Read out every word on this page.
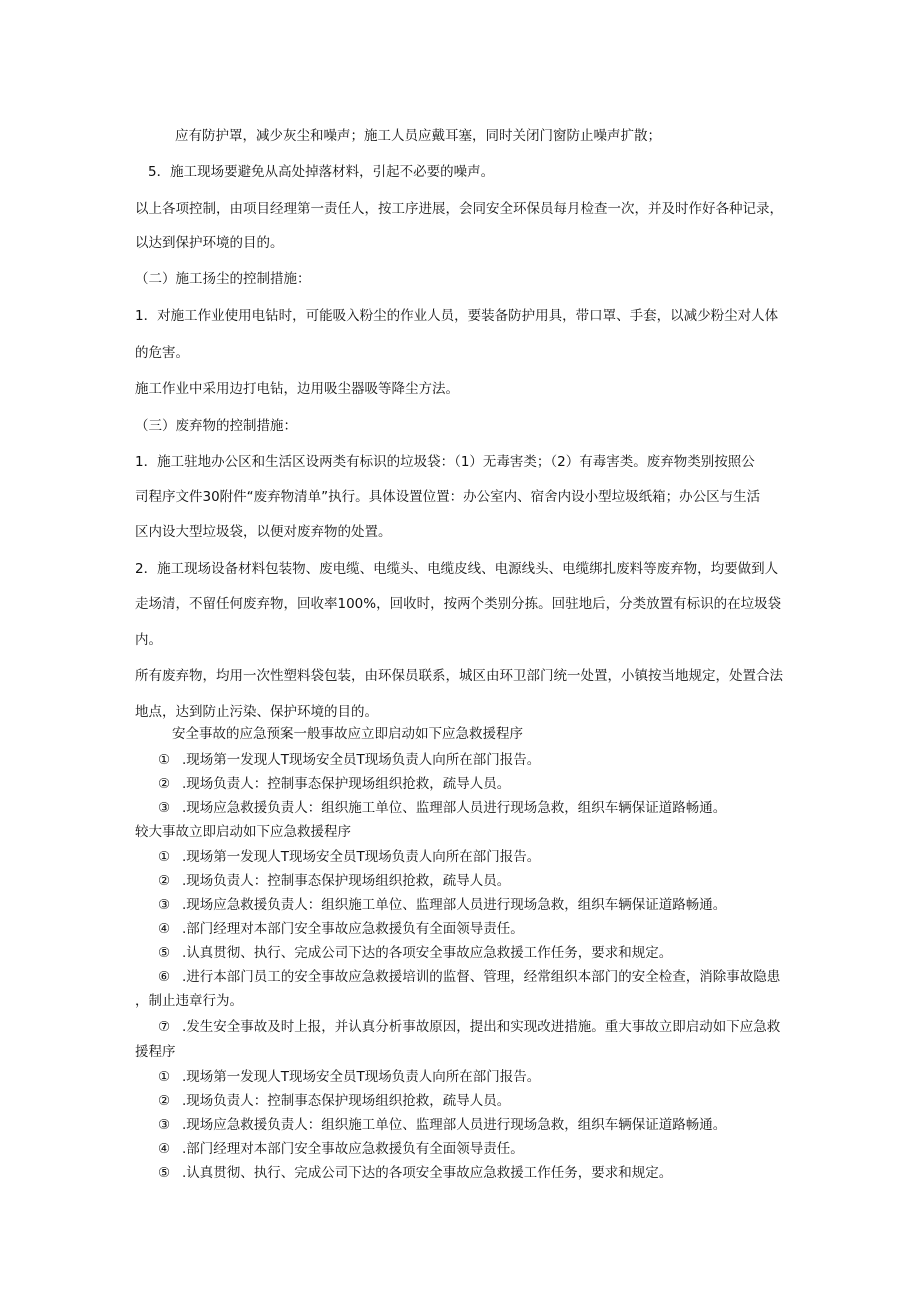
应有防护罩，减少灰尘和噪声；施工人员应戴耳塞，同时关闭门窗防止噪声扩散；
5．施工现场要避免从高处掉落材料，引起不必要的噪声。
以上各项控制，由项目经理第一责任人，按工序进展，会同安全环保员每月检查一次，并及时作好各种记录，
以达到保护环境的目的。
（二）施工扬尘的控制措施：
1．对施工作业使用电钻时，可能吸入粉尘的作业人员，要装备防护用具，带口罩、手套，以减少粉尘对人体
的危害。
施工作业中采用边打电钻，边用吸尘器吸等降尘方法。
（三）废弃物的控制措施：
1．施工驻地办公区和生活区设两类有标识的垃圾袋：（1）无毒害类；（2）有毒害类。废弃物类别按照公
司程序文件30附件“废弃物清单”执行。具体设置位置：办公室内、宿舍内设小型垃圾纸箱；办公区与生活
区内设大型垃圾袋，以便对废弃物的处置。
2．施工现场设备材料包装物、废电缆、电缆头、电缆皮线、电源线头、电缆绑扎废料等废弃物，均要做到人
走场清，不留任何废弃物，回收率100%，回收时，按两个类别分拣。回驻地后，分类放置有标识的在垃圾袋
内。
所有废弃物，均用一次性塑料袋包装，由环保员联系，城区由环卫部门统一处置，小镇按当地规定，处置合法
地点，达到防止污染、保护环境的目的。
安全事故的应急预案一般事故应立即启动如下应急救援程序
① .现场第一发现人T现场安全员T现场负责人向所在部门报告。
② .现场负责人：控制事态保护现场组织抢救，疏导人员。
③ .现场应急救援负责人：组织施工单位、监理部人员进行现场急救，组织车辆保证道路畅通。
较大事故立即启动如下应急救援程序
① .现场第一发现人T现场安全员T现场负责人向所在部门报告。
② .现场负责人：控制事态保护现场组织抢救，疏导人员。
③ .现场应急救援负责人：组织施工单位、监理部人员进行现场急救，组织车辆保证道路畅通。
④ .部门经理对本部门安全事故应急救援负有全面领导责任。
⑤ .认真贯彻、执行、完成公司下达的各项安全事故应急救援工作任务，要求和规定。
⑥ .进行本部门员工的安全事故应急救援培训的监督、管理，经常组织本部门的安全检查，消除事故隐患
，制止违章行为。
⑦ .发生安全事故及时上报，并认真分析事故原因，提出和实现改进措施。重大事故立即启动如下应急救
援程序
① .现场第一发现人T现场安全员T现场负责人向所在部门报告。
② .现场负责人：控制事态保护现场组织抢救，疏导人员。
③ .现场应急救援负责人：组织施工单位、监理部人员进行现场急救，组织车辆保证道路畅通。
④ .部门经理对本部门安全事故应急救援负有全面领导责任。
⑤ .认真贯彻、执行、完成公司下达的各项安全事故应急救援工作任务，要求和规定。
